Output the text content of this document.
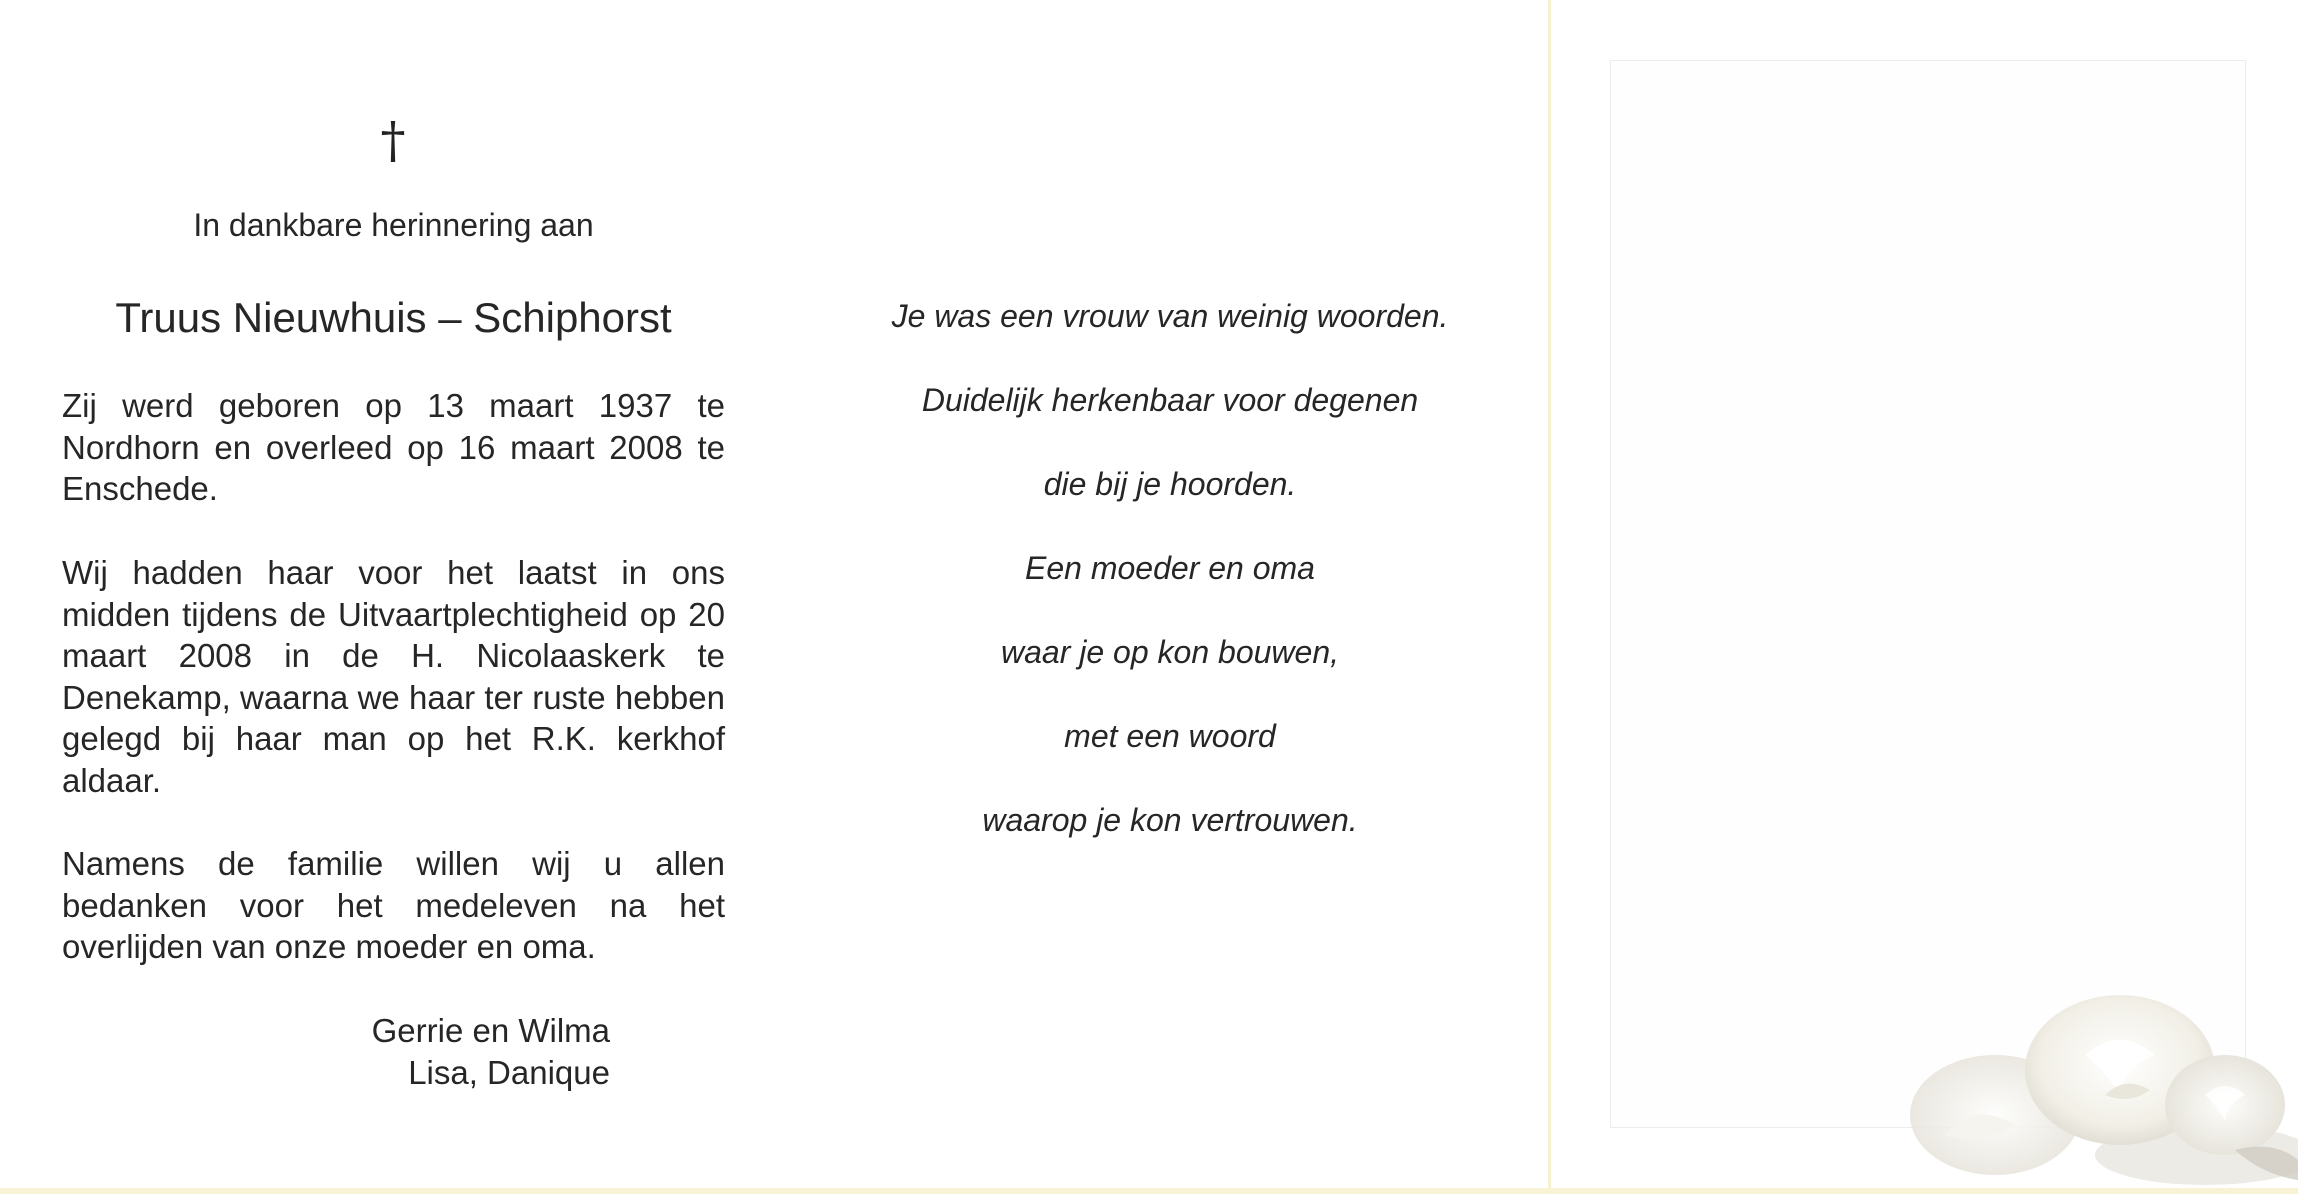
†
In dankbare herinnering aan
Truus Nieuwhuis – Schiphorst
Zij werd geboren op 13 maart 1937 te Nordhorn en overleed op 16 maart 2008 te Enschede.
Wij hadden haar voor het laatst in ons midden tijdens de Uitvaartplechtigheid op 20 maart 2008 in de H. Nicolaaskerk te Denekamp, waarna we haar ter ruste hebben gelegd bij haar man op het R.K. kerkhof aldaar.
Namens de familie willen wij u allen bedanken voor het medeleven na het overlijden van onze moeder en oma.
Gerrie en Wilma
Lisa, Danique
Je was een vrouw van weinig woorden.
Duidelijk herkenbaar voor degenen
die bij je hoorden.
Een moeder en oma
waar je op kon bouwen,
met een woord
waarop je kon vertrouwen.
